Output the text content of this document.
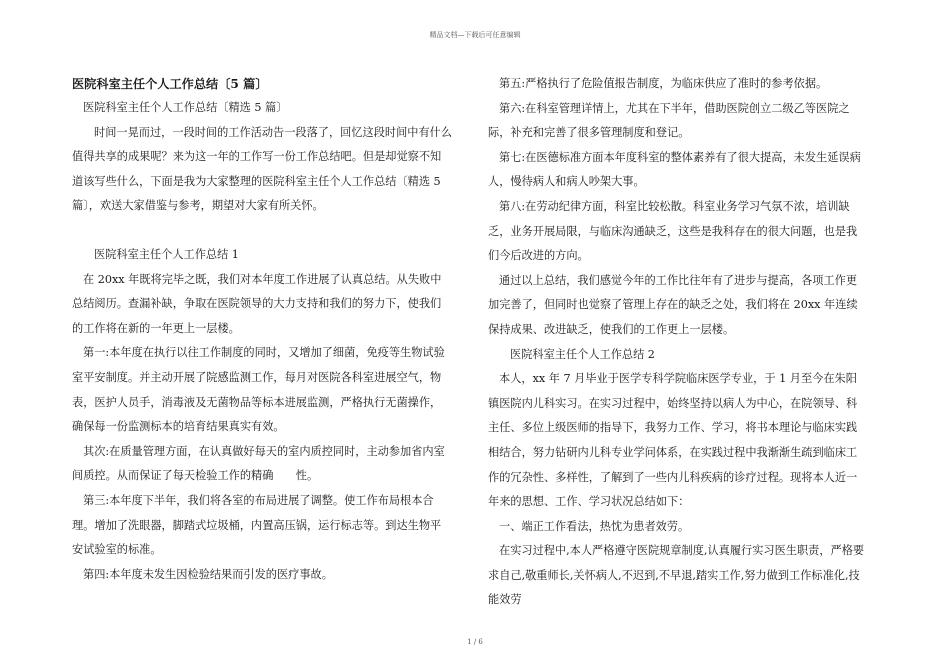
精品文档—下载后可任意编辑

医院科室主任个人工作总结〔5 篇〕

医院科室主任个人工作总结〔精选 5 篇〕

时间一晃而过，一段时间的工作活动告一段落了，回忆这段时间中有什么值得共享的成果呢？来为这一年的工作写一份工作总结吧。但是却觉察不知道该写些什么，下面是我为大家整理的医院科室主任个人工作总结〔精选 5 篇〕，欢送大家借鉴与参考，期望对大家有所关怀。

医院科室主任个人工作总结 1

在 20xx 年既将完毕之既，我们对本年度工作进展了认真总结。从失败中总结阅历。查漏补缺，争取在医院领导的大力支持和我们的努力下，使我们的工作将在新的一年更上一层楼。

第一:本年度在执行以往工作制度的同时，又增加了细菌，免疫等生物试验室平安制度。并主动开展了院感监测工作，每月对医院各科室进展空气，物表，医护人员手，消毒液及无菌物品等标本进展监测，严格执行无菌操作，确保每一份监测标本的培育结果真实有效。

其次:在质量管理方面，在认真做好每天的室内质控同时，主动参加省内室间质控。从而保证了每天检验工作的精确　　性。

第三:本年度下半年，我们将各室的布局进展了调整。使工作布局根本合理。增加了洗眼器，脚踏式垃圾桶，内置高压锅，运行标志等。到达生物平安试验室的标准。

第四:本年度未发生因检验结果而引发的医疗事故。

第五:严格执行了危险值报告制度，为临床供应了准时的参考依据。

第六:在科室管理详情上，尤其在下半年，借助医院创立二级乙等医院之际，补充和完善了很多管理制度和登记。

第七:在医德标准方面本年度科室的整体素养有了很大提高，未发生延误病人，慢待病人和病人吵架大事。

第八:在劳动纪律方面，科室比较松散。科室业务学习气氛不浓，培训缺乏，业务开展局限，与临床沟通缺乏，这些是我科存在的很大问题，也是我们今后改进的方向。

通过以上总结，我们感觉今年的工作比往年有了进步与提高，各项工作更加完善了，但同时也觉察了管理上存在的缺乏之处，我们将在 20xx 年连续保持成果、改进缺乏，使我们的工作更上一层楼。

医院科室主任个人工作总结 2

本人，xx 年 7 月毕业于医学专科学院临床医学专业，于 1 月至今在朱阳镇医院内儿科实习。在实习过程中，始终坚持以病人为中心，在院领导、科主任、多位上级医师的指导下，我努力工作、学习，将书本理论与临床实践相结合，努力钻研内儿科专业学问体系，在实践过程中我渐渐生疏到临床工作的冗杂性、多样性，了解到了一些内儿科疾病的诊疗过程。现将本人近一年来的思想、工作、学习状况总结如下：

一、端正工作看法，热忱为患者效劳。

在实习过程中,本人严格遵守医院规章制度,认真履行实习医生职责，严格要求自己,敬重师长,关怀病人,不迟到,不早退,踏实工作,努力做到工作标准化,技能效劳

1 / 6
